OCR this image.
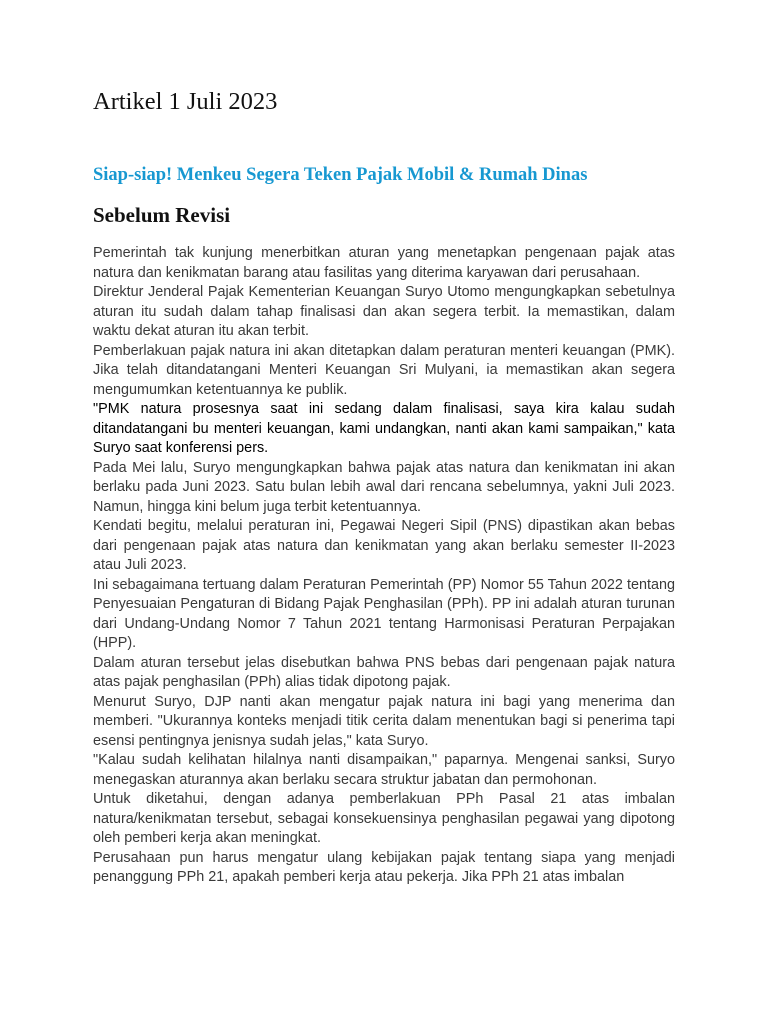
Artikel 1 Juli 2023
Siap-siap! Menkeu Segera Teken Pajak Mobil & Rumah Dinas
Sebelum Revisi

Pemerintah tak kunjung menerbitkan aturan yang menetapkan pengenaan pajak atas natura dan kenikmatan barang atau fasilitas yang diterima karyawan dari perusahaan.

Direktur Jenderal Pajak Kementerian Keuangan Suryo Utomo mengungkapkan sebetulnya aturan itu sudah dalam tahap finalisasi dan akan segera terbit. Ia memastikan, dalam waktu dekat aturan itu akan terbit.

Pemberlakuan pajak natura ini akan ditetapkan dalam peraturan menteri keuangan (PMK). Jika telah ditandatangani Menteri Keuangan Sri Mulyani, ia memastikan akan segera mengumumkan ketentuannya ke publik.

"PMK natura prosesnya saat ini sedang dalam finalisasi, saya kira kalau sudah ditandatangani bu menteri keuangan, kami undangkan, nanti akan kami sampaikan," kata Suryo saat konferensi pers.

Pada Mei lalu, Suryo mengungkapkan bahwa pajak atas natura dan kenikmatan ini akan berlaku pada Juni 2023. Satu bulan lebih awal dari rencana sebelumnya, yakni Juli 2023. Namun, hingga kini belum juga terbit ketentuannya.

Kendati begitu, melalui peraturan ini, Pegawai Negeri Sipil (PNS) dipastikan akan bebas dari pengenaan pajak atas natura dan kenikmatan yang akan berlaku semester II-2023 atau Juli 2023.

Ini sebagaimana tertuang dalam Peraturan Pemerintah (PP) Nomor 55 Tahun 2022 tentang Penyesuaian Pengaturan di Bidang Pajak Penghasilan (PPh). PP ini adalah aturan turunan dari Undang-Undang Nomor 7 Tahun 2021 tentang Harmonisasi Peraturan Perpajakan (HPP).

Dalam aturan tersebut jelas disebutkan bahwa PNS bebas dari pengenaan pajak natura atas pajak penghasilan (PPh) alias tidak dipotong pajak.

Menurut Suryo, DJP nanti akan mengatur pajak natura ini bagi yang menerima dan memberi. "Ukurannya konteks menjadi titik cerita dalam menentukan bagi si penerima tapi esensi pentingnya jenisnya sudah jelas," kata Suryo.

"Kalau sudah kelihatan hilalnya nanti disampaikan," paparnya. Mengenai sanksi, Suryo menegaskan aturannya akan berlaku secara struktur jabatan dan permohonan.

Untuk diketahui, dengan adanya pemberlakuan PPh Pasal 21 atas imbalan natura/kenikmatan tersebut, sebagai konsekuensinya penghasilan pegawai yang dipotong oleh pemberi kerja akan meningkat.

Perusahaan pun harus mengatur ulang kebijakan pajak tentang siapa yang menjadi penanggung PPh 21, apakah pemberi kerja atau pekerja. Jika PPh 21 atas imbalan
